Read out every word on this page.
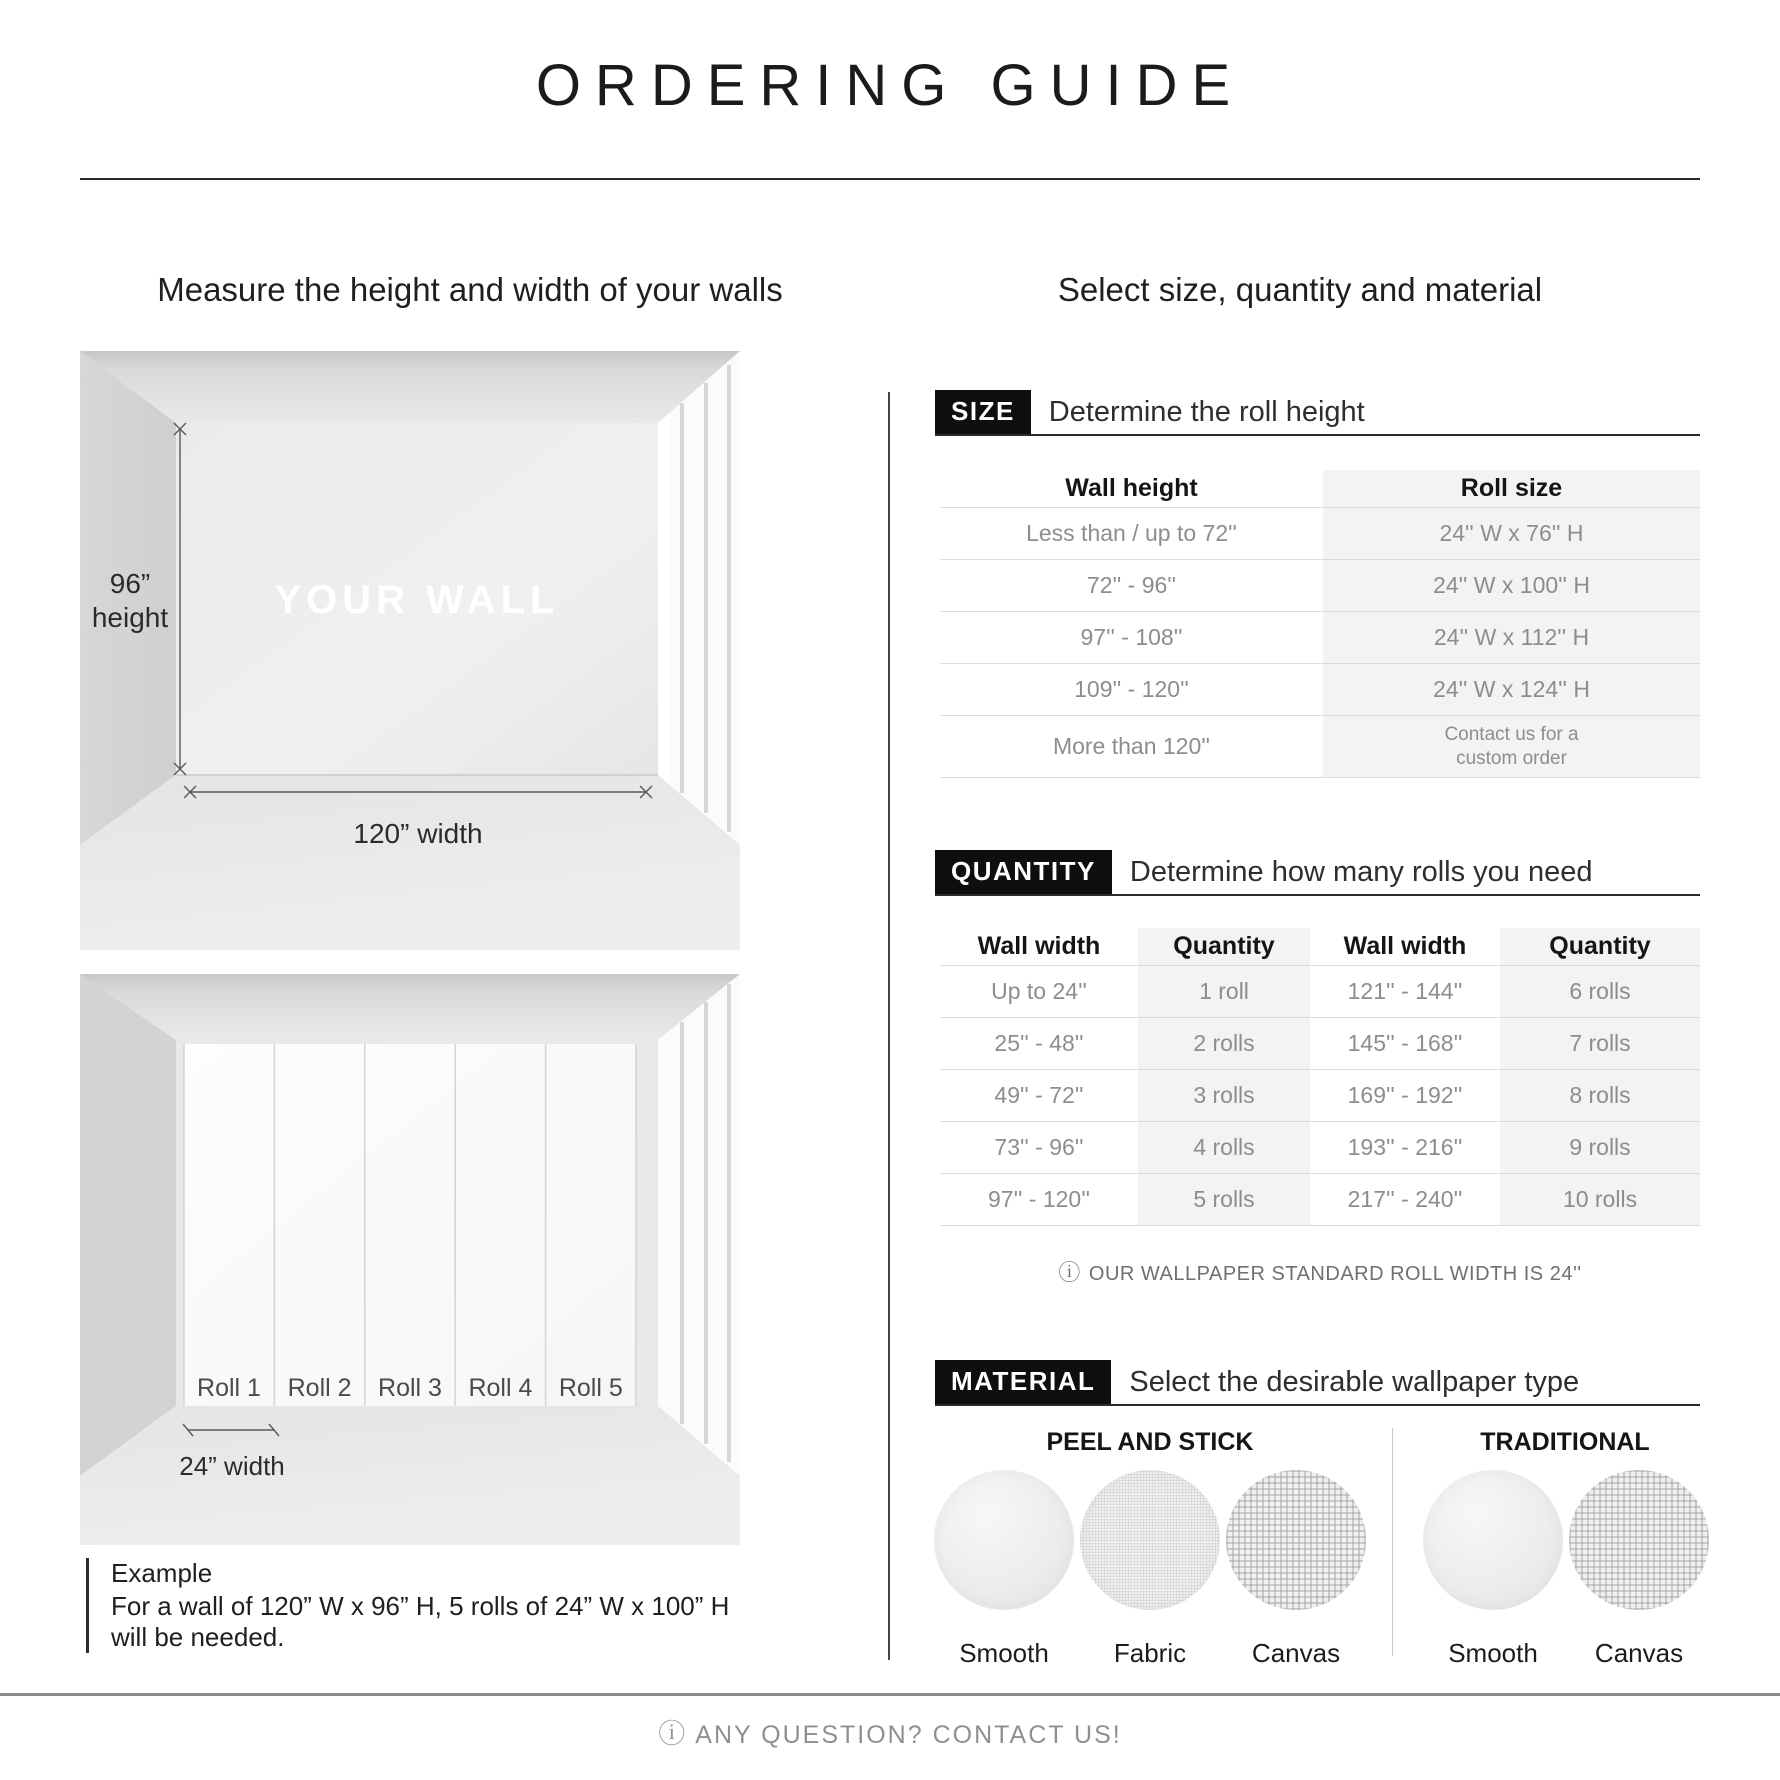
ORDERING GUIDE
Measure the height and width of your walls	Select size, quantity and material
YOUR WALL
96”
height
120” width
Roll 1 Roll 2 Roll 3 Roll 4 Roll 5
24” width
Example
For a wall of 120” W x 96” H, 5 rolls of 24” W x 100” H
will be needed.
SIZE	Determine the roll height
Wall height	Roll size
Less than / up to 72''	24'' W x 76'' H
72'' - 96''	24'' W x 100'' H
97'' - 108''	24'' W x 112'' H
109'' - 120''	24'' W x 124'' H
More than 120''	Contact us for a custom order
QUANTITY	Determine how many rolls you need
Wall width	Quantity	Wall width	Quantity
Up to 24''	1 roll	121'' - 144''	6 rolls
25'' - 48''	2 rolls	145'' - 168''	7 rolls
49'' - 72''	3 rolls	169'' - 192''	8 rolls
73'' - 96''	4 rolls	193'' - 216''	9 rolls
97'' - 120''	5 rolls	217'' - 240''	10 rolls
ⓘ OUR WALLPAPER STANDARD ROLL WIDTH IS 24''
MATERIAL	Select the desirable wallpaper type
PEEL AND STICK	TRADITIONAL
Smooth	Fabric	Canvas	Smooth Canvas
ⓘ ANY QUESTION? CONTACT US!
